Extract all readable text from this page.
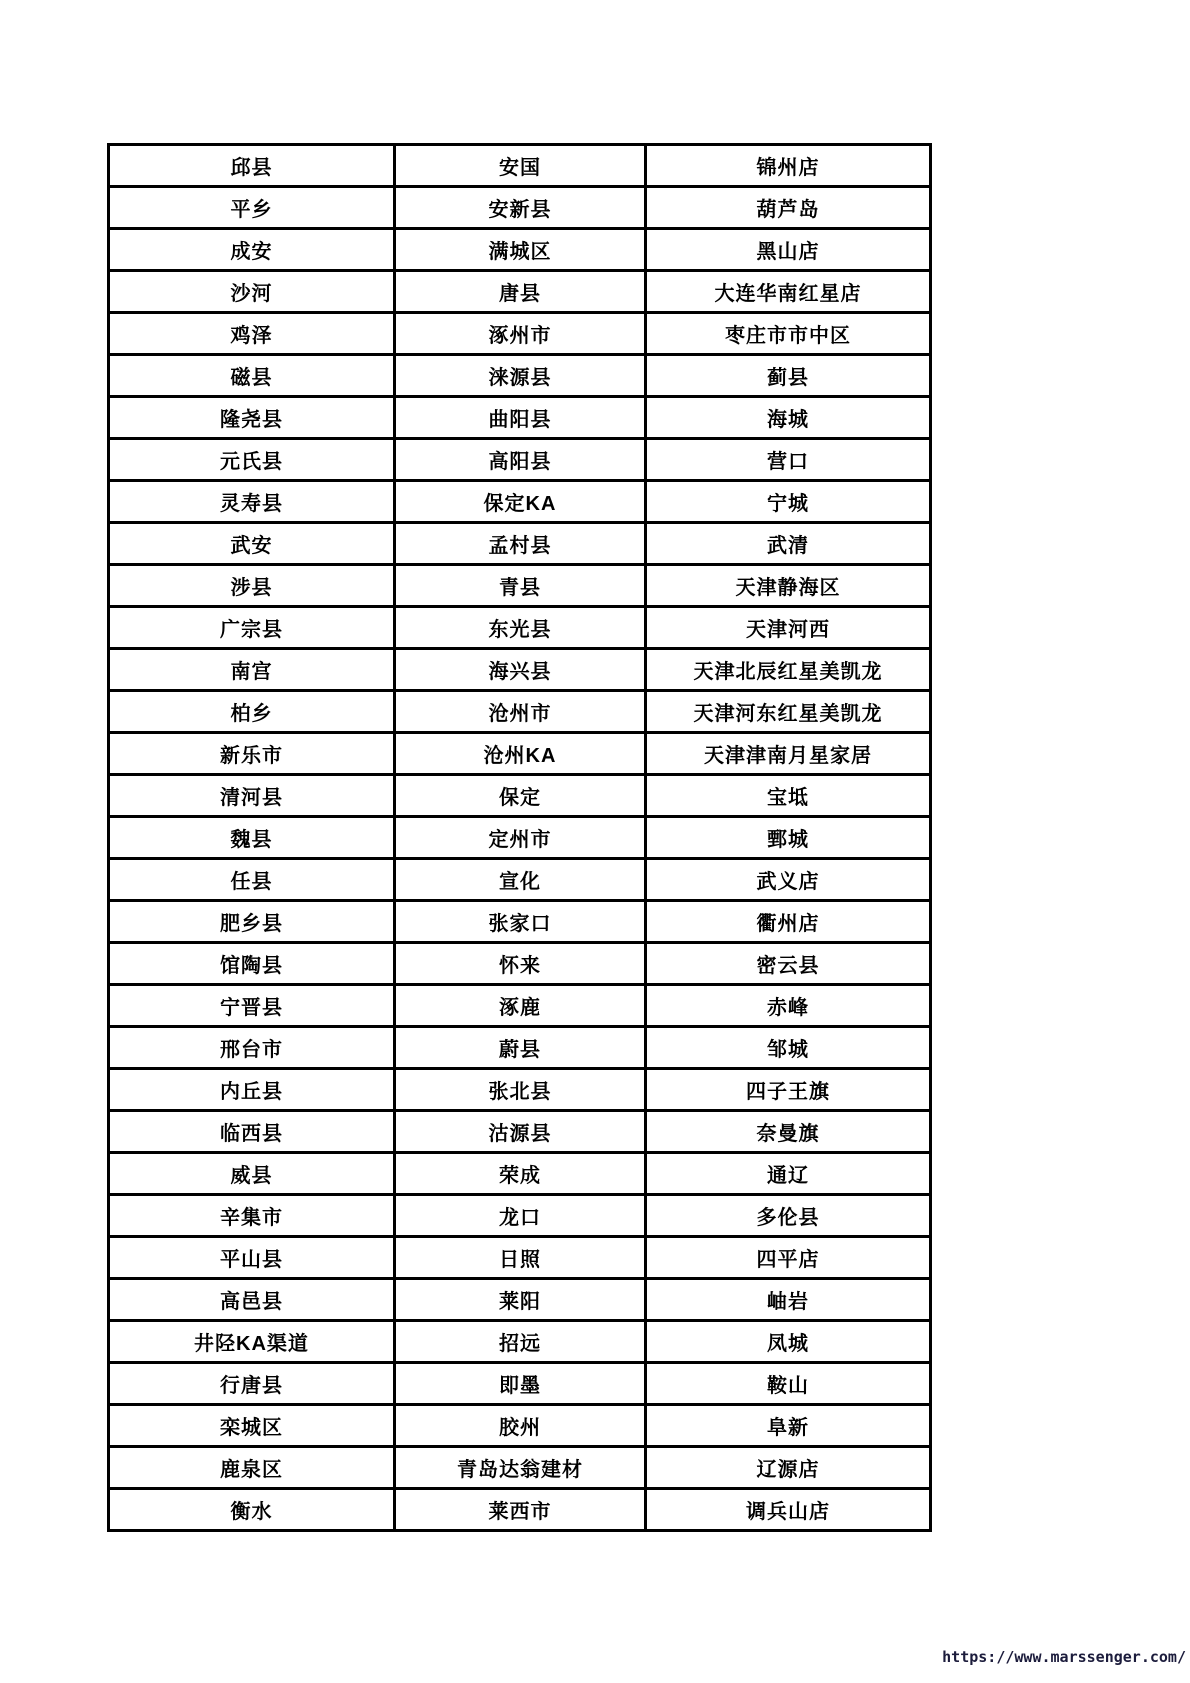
邱县	安国	锦州店
平乡	安新县	葫芦岛
成安	满城区	黑山店
沙河	唐县	大连华南红星店
鸡泽	涿州市	枣庄市市中区
磁县	涞源县	蓟县
隆尧县	曲阳县	海城
元氏县	高阳县	营口
灵寿县	保定KA	宁城
武安	孟村县	武清
涉县	青县	天津静海区
广宗县	东光县	天津河西
南宫	海兴县	天津北辰红星美凯龙
柏乡	沧州市	天津河东红星美凯龙
新乐市	沧州KA	天津津南月星家居
清河县	保定	宝坻
魏县	定州市	鄄城
任县	宣化	武义店
肥乡县	张家口	衢州店
馆陶县	怀来	密云县
宁晋县	涿鹿	赤峰
邢台市	蔚县	邹城
内丘县	张北县	四子王旗
临西县	沽源县	奈曼旗
威县	荣成	通辽
辛集市	龙口	多伦县
平山县	日照	四平店
高邑县	莱阳	岫岩
井陉KA渠道	招远	凤城
行唐县	即墨	鞍山
栾城区	胶州	阜新
鹿泉区	青岛达翁建材	辽源店
衡水	莱西市	调兵山店
https://www.marssenger.com/
